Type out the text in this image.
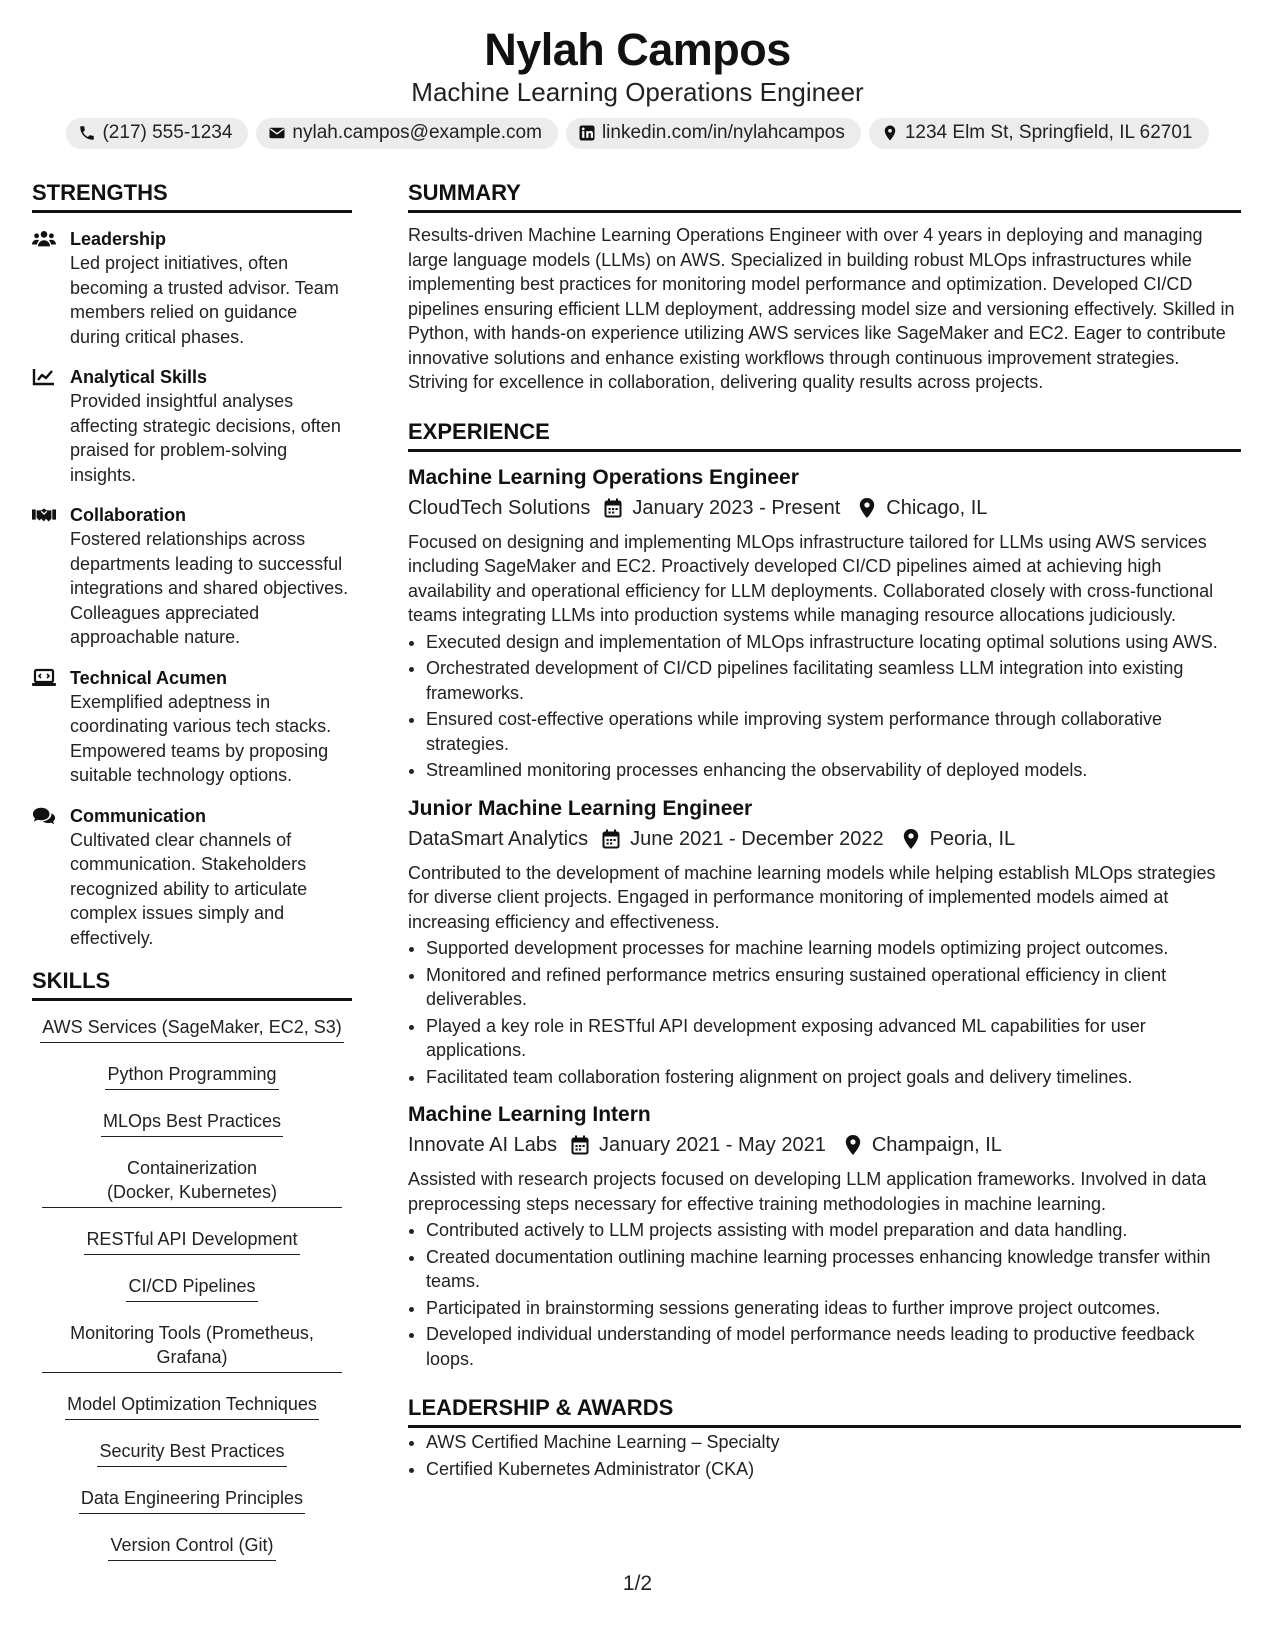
Nylah Campos
Machine Learning Operations Engineer
(217) 555-1234	nylah.campos@example.com	linkedin.com/in/nylahcampos	1234 Elm St, Springfield, IL 62701
STRENGTHS
Leadership
Led project initiatives, often becoming a trusted advisor. Team members relied on guidance during critical phases.
Analytical Skills
Provided insightful analyses affecting strategic decisions, often praised for problem-solving insights.
Collaboration
Fostered relationships across departments leading to successful integrations and shared objectives. Colleagues appreciated approachable nature.
Technical Acumen
Exemplified adeptness in coordinating various tech stacks. Empowered teams by proposing suitable technology options.
Communication
Cultivated clear channels of communication. Stakeholders recognized ability to articulate complex issues simply and effectively.
SKILLS
AWS Services (SageMaker, EC2, S3)
Python Programming
MLOps Best Practices
Containerization (Docker, Kubernetes)
RESTful API Development
CI/CD Pipelines
Monitoring Tools (Prometheus, Grafana)
Model Optimization Techniques
Security Best Practices
Data Engineering Principles
Version Control (Git)
SUMMARY
Results-driven Machine Learning Operations Engineer with over 4 years in deploying and managing large language models (LLMs) on AWS. Specialized in building robust MLOps infrastructures while implementing best practices for monitoring model performance and optimization. Developed CI/CD pipelines ensuring efficient LLM deployment, addressing model size and versioning effectively. Skilled in Python, with hands-on experience utilizing AWS services like SageMaker and EC2. Eager to contribute innovative solutions and enhance existing workflows through continuous improvement strategies. Striving for excellence in collaboration, delivering quality results across projects.
EXPERIENCE
Machine Learning Operations Engineer
CloudTech Solutions January 2023 - Present Chicago, IL
Focused on designing and implementing MLOps infrastructure tailored for LLMs using AWS services including SageMaker and EC2. Proactively developed CI/CD pipelines aimed at achieving high availability and operational efficiency for LLM deployments. Collaborated closely with cross-functional teams integrating LLMs into production systems while managing resource allocations judiciously.
• Executed design and implementation of MLOps infrastructure locating optimal solutions using AWS.
• Orchestrated development of CI/CD pipelines facilitating seamless LLM integration into existing frameworks.
• Ensured cost-effective operations while improving system performance through collaborative strategies.
• Streamlined monitoring processes enhancing the observability of deployed models.
Junior Machine Learning Engineer
DataSmart Analytics June 2021 - December 2022 Peoria, IL
Contributed to the development of machine learning models while helping establish MLOps strategies for diverse client projects. Engaged in performance monitoring of implemented models aimed at increasing efficiency and effectiveness.
• Supported development processes for machine learning models optimizing project outcomes.
• Monitored and refined performance metrics ensuring sustained operational efficiency in client deliverables.
• Played a key role in RESTful API development exposing advanced ML capabilities for user applications.
• Facilitated team collaboration fostering alignment on project goals and delivery timelines.
Machine Learning Intern
Innovate AI Labs January 2021 - May 2021 Champaign, IL
Assisted with research projects focused on developing LLM application frameworks. Involved in data preprocessing steps necessary for effective training methodologies in machine learning.
• Contributed actively to LLM projects assisting with model preparation and data handling.
• Created documentation outlining machine learning processes enhancing knowledge transfer within teams.
• Participated in brainstorming sessions generating ideas to further improve project outcomes.
• Developed individual understanding of model performance needs leading to productive feedback loops.
LEADERSHIP & AWARDS
• AWS Certified Machine Learning – Specialty
• Certified Kubernetes Administrator (CKA)
1/2
